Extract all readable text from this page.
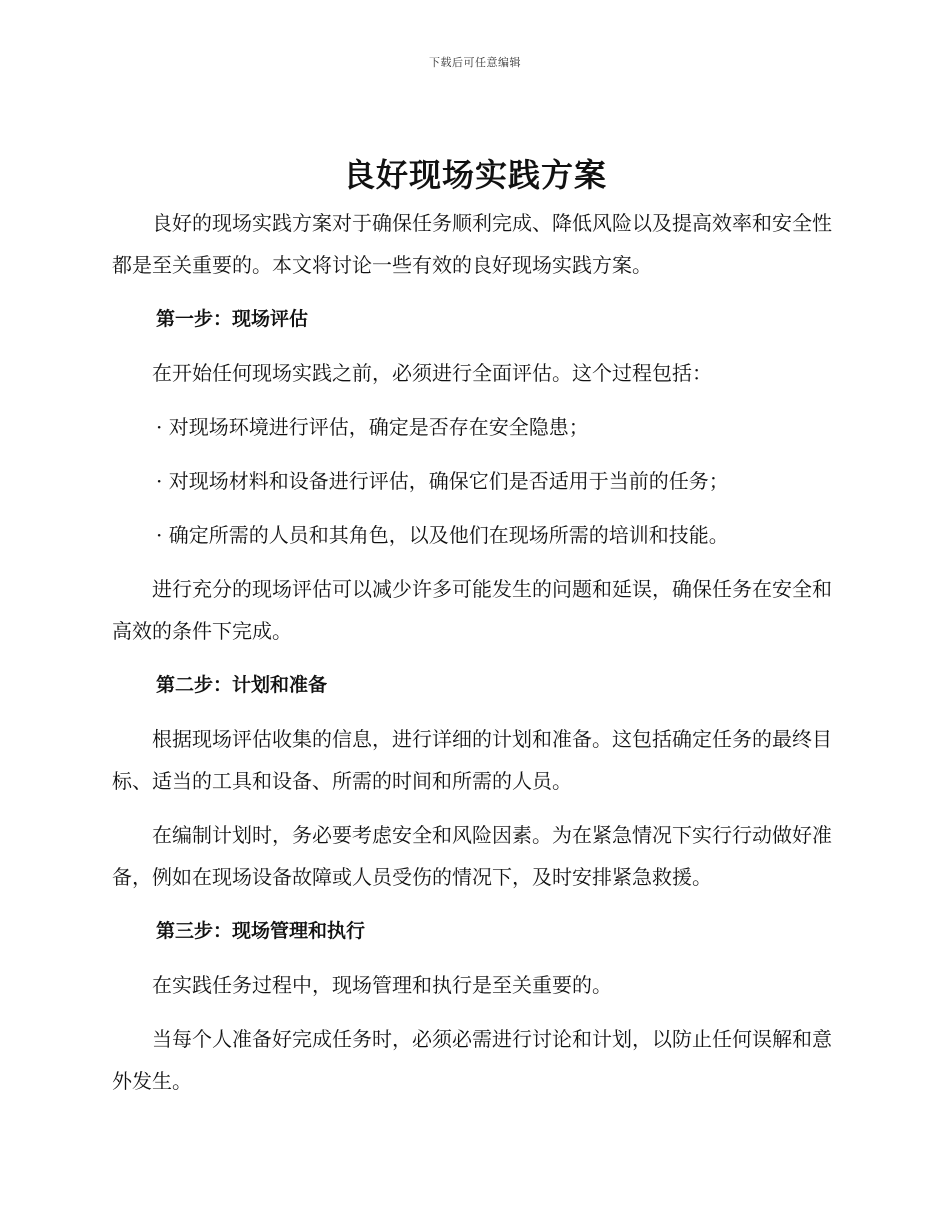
下载后可任意编辑
良好现场实践方案

良好的现场实践方案对于确保任务顺利完成、降低风险以及提高效率和安全性都是至关重要的。本文将讨论一些有效的良好现场实践方案。

第一步：现场评估

在开始任何现场实践之前，必须进行全面评估。这个过程包括：

· 对现场环境进行评估，确定是否存在安全隐患；
· 对现场材料和设备进行评估，确保它们是否适用于当前的任务；
· 确定所需的人员和其角色，以及他们在现场所需的培训和技能。

进行充分的现场评估可以减少许多可能发生的问题和延误，确保任务在安全和高效的条件下完成。

第二步：计划和准备

根据现场评估收集的信息，进行详细的计划和准备。这包括确定任务的最终目标、适当的工具和设备、所需的时间和所需的人员。

在编制计划时，务必要考虑安全和风险因素。为在紧急情况下实行行动做好准备，例如在现场设备故障或人员受伤的情况下，及时安排紧急救援。

第三步：现场管理和执行

在实践任务过程中，现场管理和执行是至关重要的。

当每个人准备好完成任务时，必须必需进行讨论和计划，以防止任何误解和意外发生。
